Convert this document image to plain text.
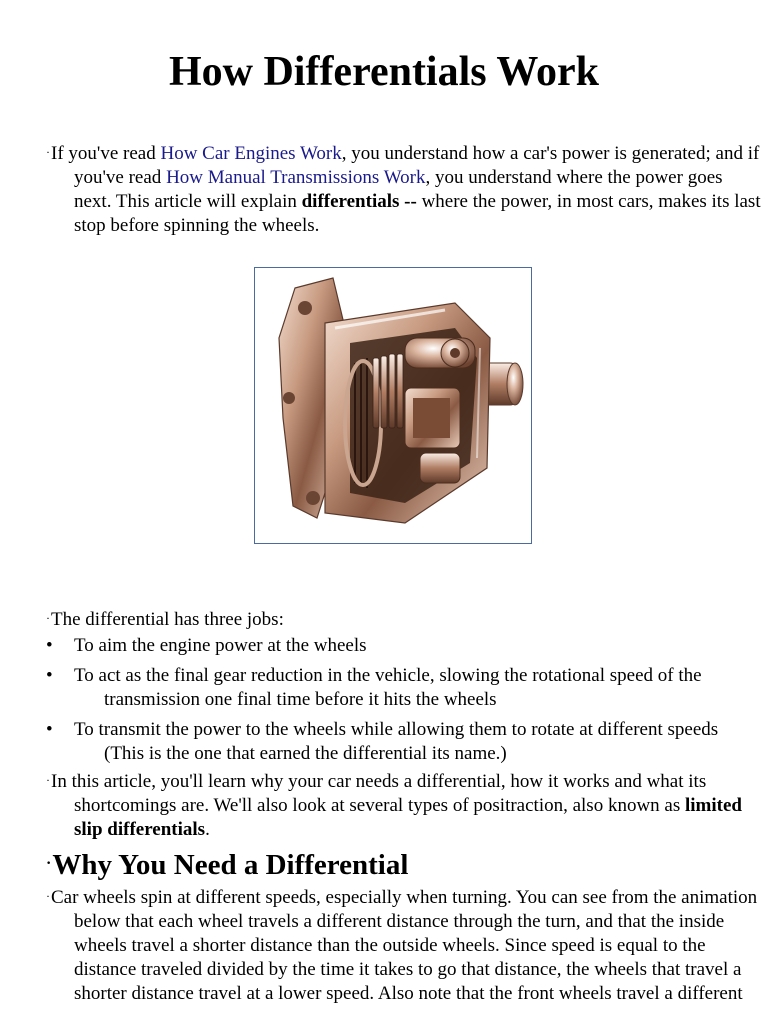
How Differentials Work

·If you've read How Car Engines Work, you understand how a car's power is generated; and if you've read How Manual Transmissions Work, you understand where the power goes next. This article will explain differentials -- where the power, in most cars, makes its last stop before spinning the wheels.

·The differential has three jobs:

• To aim the engine power at the wheels
• To act as the final gear reduction in the vehicle, slowing the rotational speed of the transmission one final time before it hits the wheels
• To transmit the power to the wheels while allowing them to rotate at different speeds (This is the one that earned the differential its name.)

·In this article, you'll learn why your car needs a differential, how it works and what its shortcomings are. We'll also look at several types of positraction, also known as limited slip differentials.

·Why You Need a Differential

·Car wheels spin at different speeds, especially when turning. You can see from the animation below that each wheel travels a different distance through the turn, and that the inside wheels travel a shorter distance than the outside wheels. Since speed is equal to the distance traveled divided by the time it takes to go that distance, the wheels that travel a shorter distance travel at a lower speed. Also note that the front wheels travel a different
